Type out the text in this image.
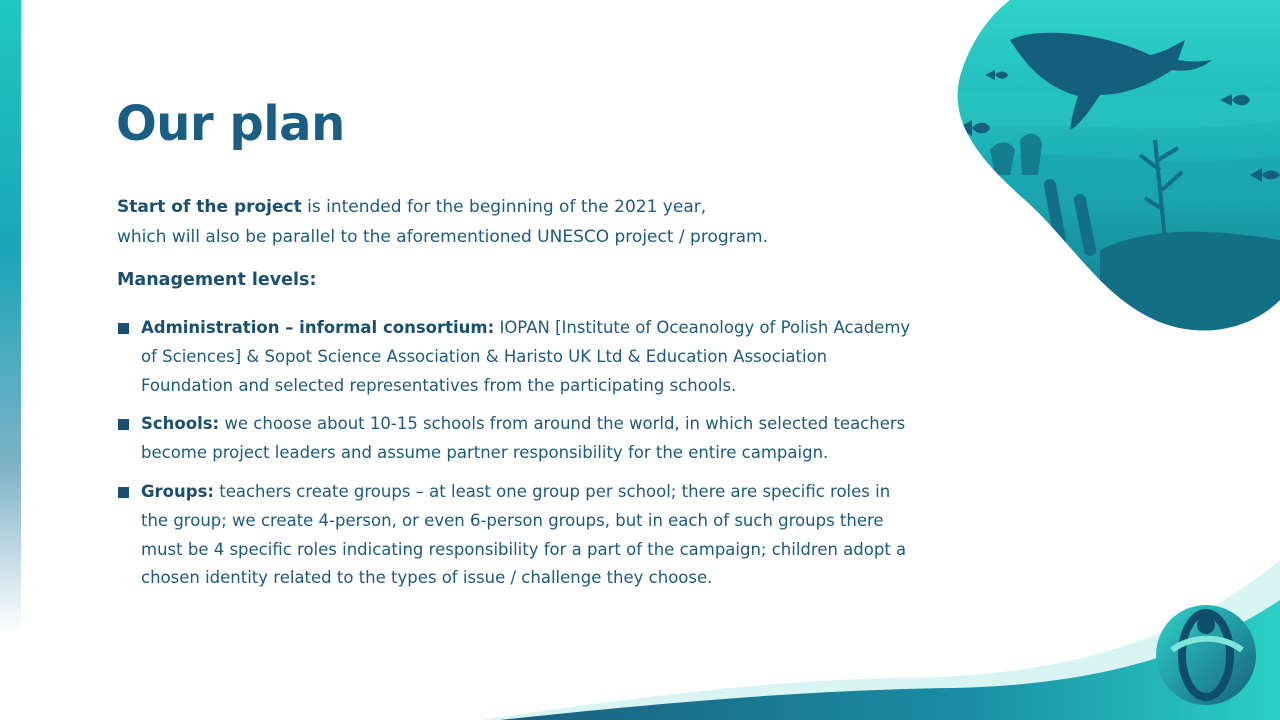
Our plan

Start of the project is intended for the beginning of the 2021 year,
which will also be parallel to the aforementioned UNESCO project / program.

Management levels:
Administration – informal consortium: IOPAN [Institute of Oceanology of Polish Academy of Sciences] & Sopot Science Association & Haristo UK Ltd & Education Association Foundation and selected representatives from the participating schools.
Schools: we choose about 10-15 schools from around the world, in which selected teachers become project leaders and assume partner responsibility for the entire campaign.
Groups: teachers create groups – at least one group per school; there are specific roles in the group; we create 4-person, or even 6-person groups, but in each of such groups there must be 4 specific roles indicating responsibility for a part of the campaign; children adopt a chosen identity related to the types of issue / challenge they choose.
